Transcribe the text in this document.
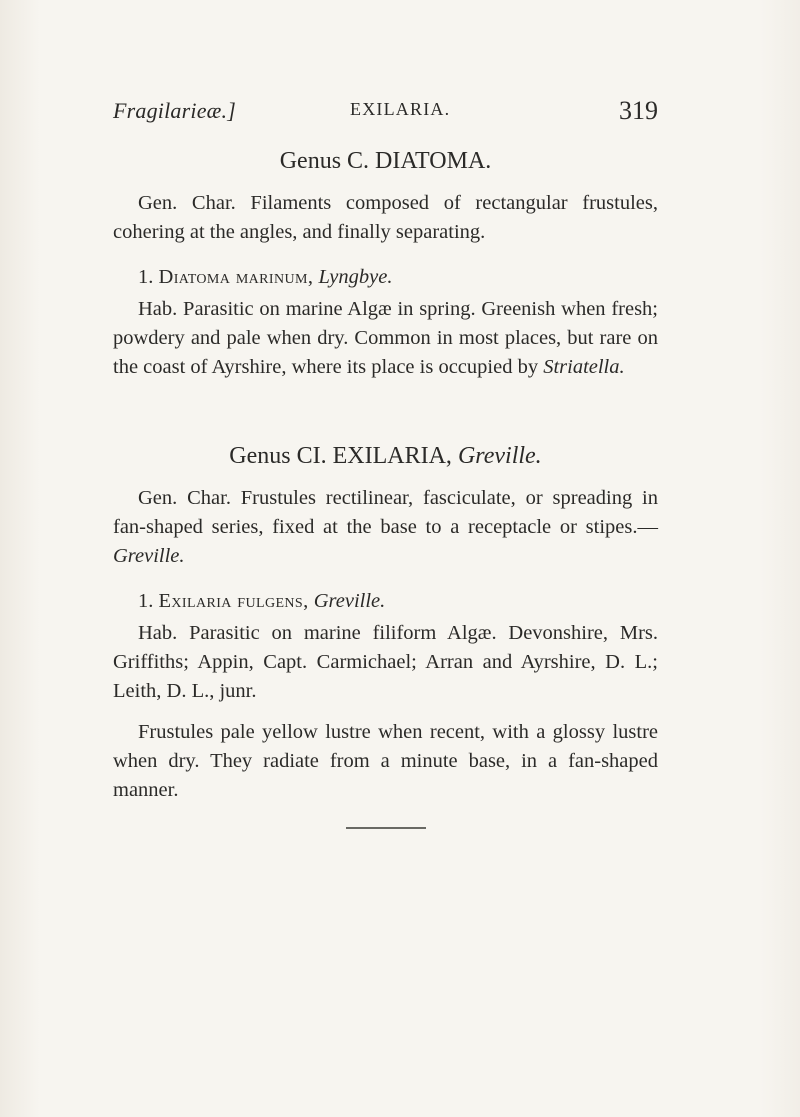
Fragilarieæ.]	EXILARIA.	319

Genus C. DIATOMA.

Gen. Char. Filaments composed of rectangular frustules, cohering at the angles, and finally separating.

1. Diatoma marinum, Lyngbye.

Hab. Parasitic on marine Algæ in spring. Greenish when fresh; powdery and pale when dry. Common in most places, but rare on the coast of Ayrshire, where its place is occupied by Striatella.

Genus CI. EXILARIA, Greville.

Gen. Char. Frustules rectilinear, fasciculate, or spreading in fan-shaped series, fixed at the base to a receptacle or stipes.— Greville.

1. Exilaria fulgens, Greville.

Hab. Parasitic on marine filiform Algæ. Devonshire, Mrs. Griffiths; Appin, Capt. Carmichael; Arran and Ayrshire, D. L.; Leith, D. L., junr.

Frustules pale yellow lustre when recent, with a glossy lustre when dry. They radiate from a minute base, in a fan-shaped manner.
